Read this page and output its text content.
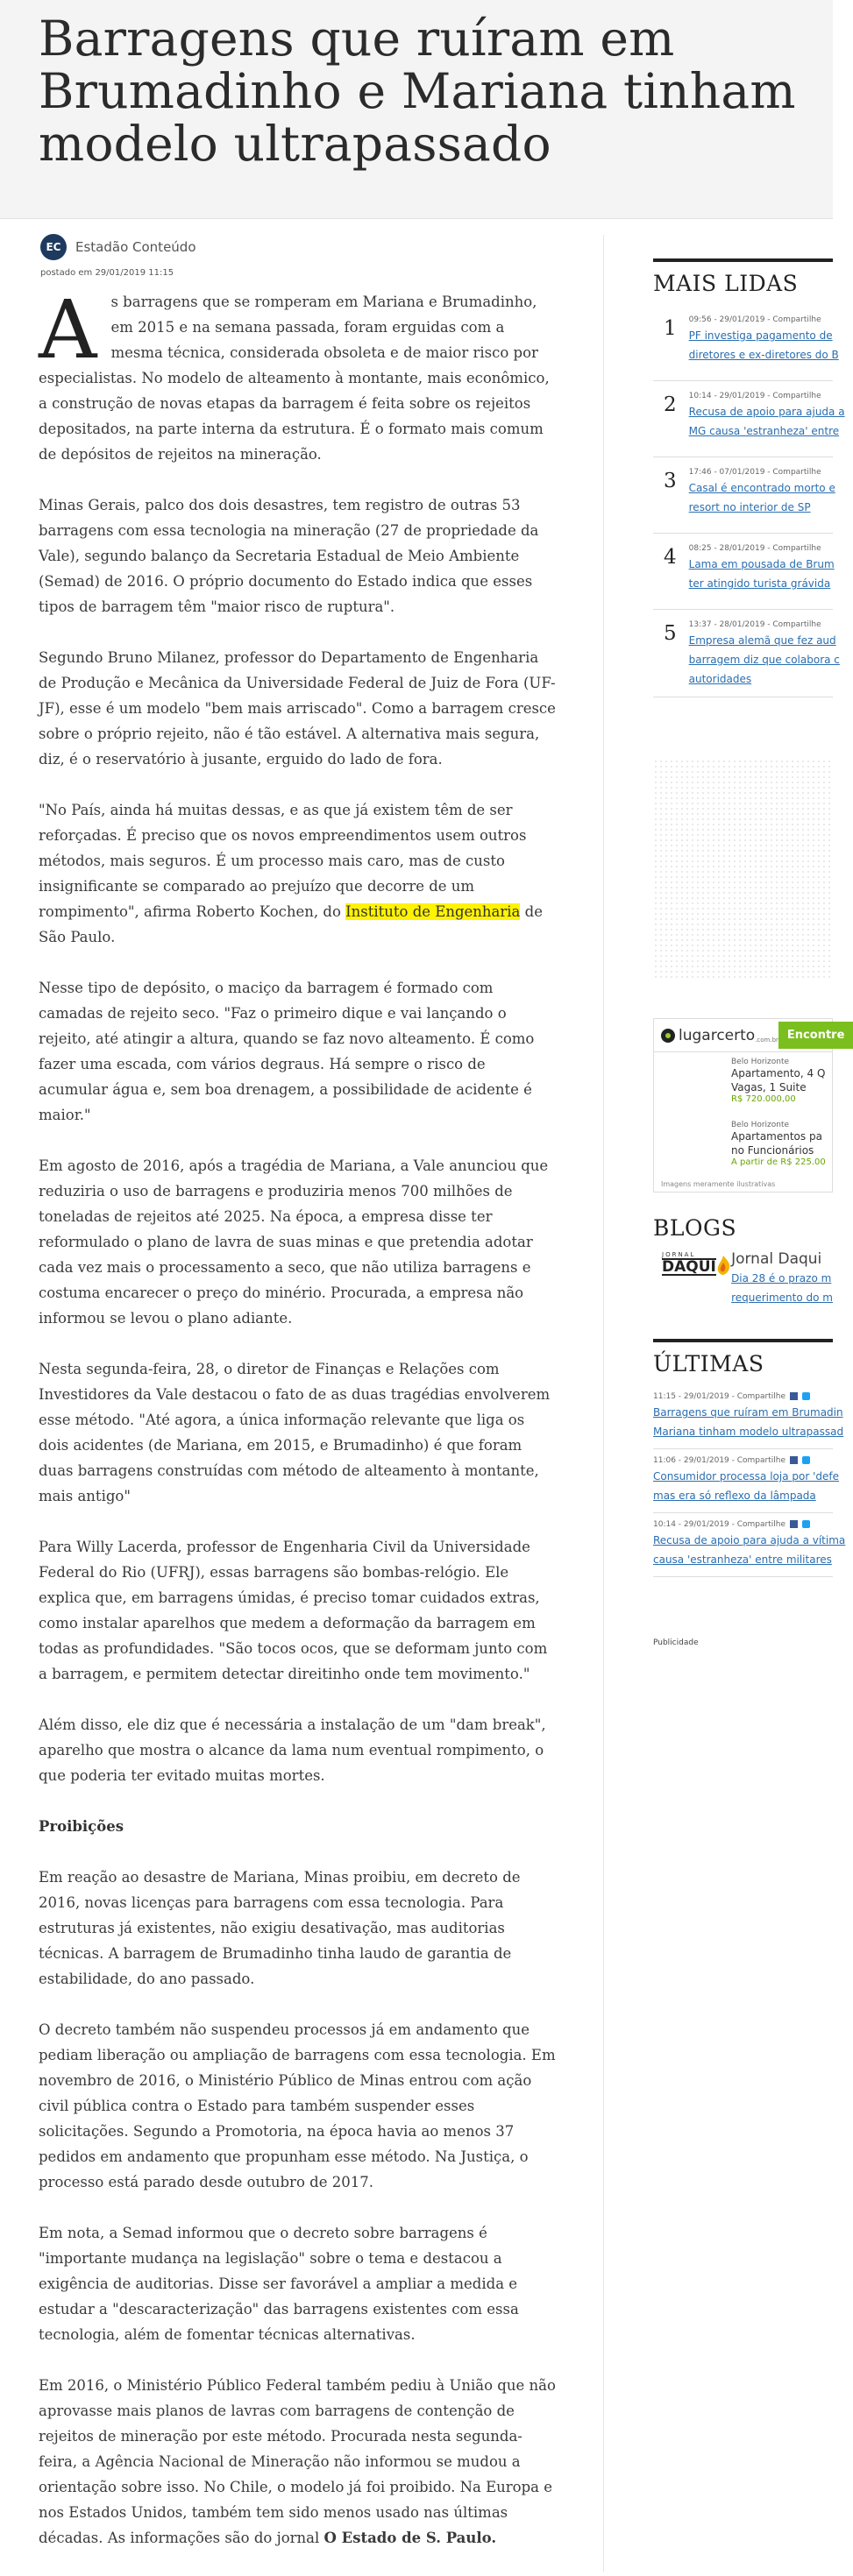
Barragens que ruíram em Brumadinho e Mariana tinham modelo ultrapassado
EC	Estadão Conteúdo
postado em 29/01/2019 11:15

As barragens que se romperam em Mariana e Brumadinho, em 2015 e na semana passada, foram erguidas com a mesma técnica, considerada obsoleta e de maior risco por especialistas. No modelo de alteamento à montante, mais econômico, a construção de novas etapas da barragem é feita sobre os rejeitos depositados, na parte interna da estrutura. É o formato mais comum de depósitos de rejeitos na mineração.

Minas Gerais, palco dos dois desastres, tem registro de outras 53 barragens com essa tecnologia na mineração (27 de propriedade da Vale), segundo balanço da Secretaria Estadual de Meio Ambiente (Semad) de 2016. O próprio documento do Estado indica que esses tipos de barragem têm "maior risco de ruptura".

Segundo Bruno Milanez, professor do Departamento de Engenharia de Produção e Mecânica da Universidade Federal de Juiz de Fora (UF-JF), esse é um modelo "bem mais arriscado". Como a barragem cresce sobre o próprio rejeito, não é tão estável. A alternativa mais segura, diz, é o reservatório à jusante, erguido do lado de fora.

"No País, ainda há muitas dessas, e as que já existem têm de ser reforçadas. É preciso que os novos empreendimentos usem outros métodos, mais seguros. É um processo mais caro, mas de custo insignificante se comparado ao prejuízo que decorre de um rompimento", afirma Roberto Kochen, do Instituto de Engenharia de São Paulo.

Nesse tipo de depósito, o maciço da barragem é formado com camadas de rejeito seco. "Faz o primeiro dique e vai lançando o rejeito, até atingir a altura, quando se faz novo alteamento. É como fazer uma escada, com vários degraus. Há sempre o risco de acumular água e, sem boa drenagem, a possibilidade de acidente é maior."

Em agosto de 2016, após a tragédia de Mariana, a Vale anunciou que reduziria o uso de barragens e produziria menos 700 milhões de toneladas de rejeitos até 2025. Na época, a empresa disse ter reformulado o plano de lavra de suas minas e que pretendia adotar cada vez mais o processamento a seco, que não utiliza barragens e costuma encarecer o preço do minério. Procurada, a empresa não informou se levou o plano adiante.

Nesta segunda-feira, 28, o diretor de Finanças e Relações com Investidores da Vale destacou o fato de as duas tragédias envolverem esse método. "Até agora, a única informação relevante que liga os dois acidentes (de Mariana, em 2015, e Brumadinho) é que foram duas barragens construídas com método de alteamento à montante, mais antigo"

Para Willy Lacerda, professor de Engenharia Civil da Universidade Federal do Rio (UFRJ), essas barragens são bombas-relógio. Ele explica que, em barragens úmidas, é preciso tomar cuidados extras, como instalar aparelhos que medem a deformação da barragem em todas as profundidades. "São tocos ocos, que se deformam junto com a barragem, e permitem detectar direitinho onde tem movimento."

Além disso, ele diz que é necessária a instalação de um "dam break", aparelho que mostra o alcance da lama num eventual rompimento, o que poderia ter evitado muitas mortes.

Proibições

Em reação ao desastre de Mariana, Minas proibiu, em decreto de 2016, novas licenças para barragens com essa tecnologia. Para estruturas já existentes, não exigiu desativação, mas auditorias técnicas. A barragem de Brumadinho tinha laudo de garantia de estabilidade, do ano passado.

O decreto também não suspendeu processos já em andamento que pediam liberação ou ampliação de barragens com essa tecnologia. Em novembro de 2016, o Ministério Público de Minas entrou com ação civil pública contra o Estado para também suspender esses solicitações. Segundo a Promotoria, na época havia ao menos 37 pedidos em andamento que propunham esse método. Na Justiça, o processo está parado desde outubro de 2017.

Em nota, a Semad informou que o decreto sobre barragens é "importante mudança na legislação" sobre o tema e destacou a exigência de auditorias. Disse ser favorável a ampliar a medida e estudar a "descaracterização" das barragens existentes com essa tecnologia, além de fomentar técnicas alternativas.

Em 2016, o Ministério Público Federal também pediu à União que não aprovasse mais planos de lavras com barragens de contenção de rejeitos de mineração por este método. Procurada nesta segunda-feira, a Agência Nacional de Mineração não informou se mudou a orientação sobre isso. No Chile, o modelo já foi proibido. Na Europa e nos Estados Unidos, também tem sido menos usado nas últimas décadas. As informações são do jornal O Estado de S. Paulo.

MAIS LIDAS
1 09:56 - 29/01/2019 - Compartilhe
PF investiga pagamento de
diretores e ex-diretores do B
2 10:14 - 29/01/2019 - Compartilhe
Recusa de apoio para ajuda a
MG causa 'estranheza' entre
3 17:46 - 07/01/2019 - Compartilhe
Casal é encontrado morto e
resort no interior de SP
4 08:25 - 28/01/2019 - Compartilhe
Lama em pousada de Brum
ter atingido turista grávida
5 13:37 - 28/01/2019 - Compartilhe
Empresa alemã que fez aud
barragem diz que colabora c
autoridades
lugarcerto .com.br Encontre
Belo Horizonte
Apartamento, 4 Q
Vagas, 1 Suite
R$ 720.000,00
Belo Horizonte
Apartamentos pa
no Funcionários
A partir de R$ 225.00
Imagens meramente ilustrativas
BLOGS
JORNAL
DAQUI Jornal Daqui
Dia 28 é o prazo m
requerimento do m
ÚLTIMAS
11:15 - 29/01/2019 - Compartilhe
Barragens que ruíram em Brumadin
Mariana tinham modelo ultrapassad
11:06 - 29/01/2019 - Compartilhe
Consumidor processa loja por 'defe
mas era só reflexo da lâmpada
10:14 - 29/01/2019 - Compartilhe
Recusa de apoio para ajuda a vítima
causa 'estranheza' entre militares
Publicidade
